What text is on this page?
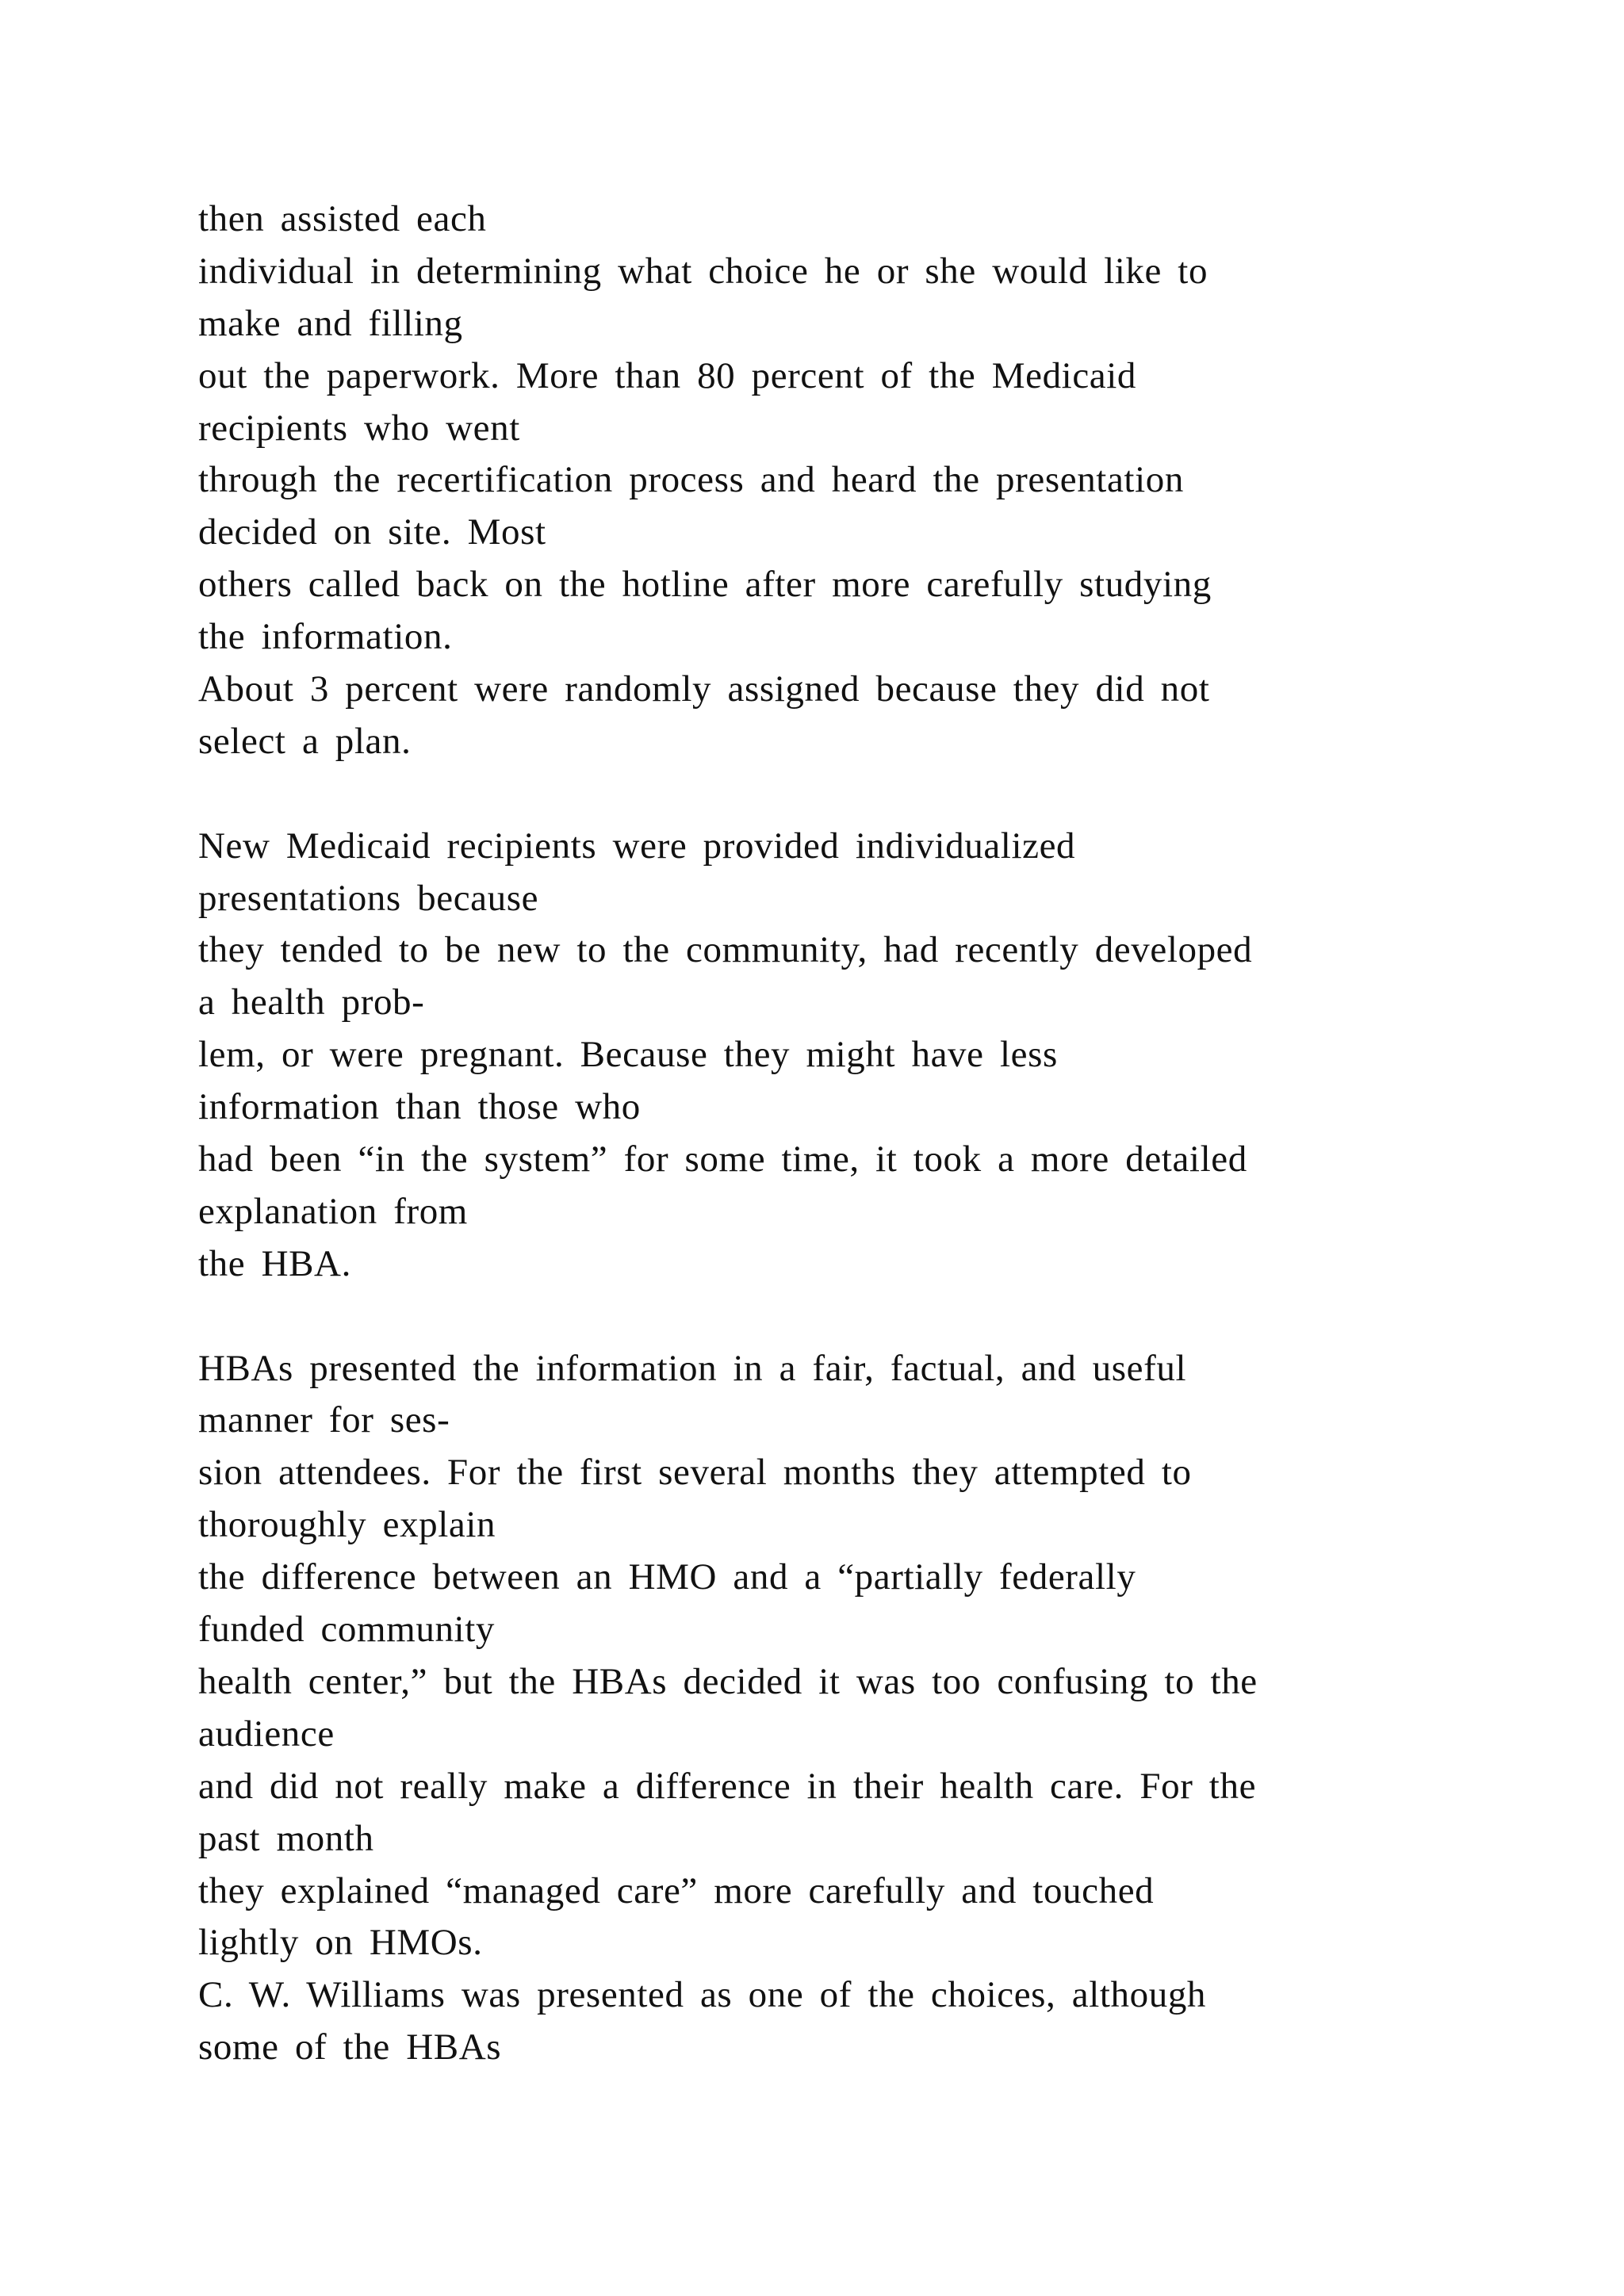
then assisted each
individual in determining what choice he or she would like to
make and filling
out the paperwork. More than 80 percent of the Medicaid
recipients who went
through the recertification process and heard the presentation
decided on site. Most
others called back on the hotline after more carefully studying
the information.
About 3 percent were randomly assigned because they did not
select a plan.
New Medicaid recipients were provided individualized
presentations because
they tended to be new to the community, had recently developed
a health prob-
lem, or were pregnant. Because they might have less
information than those who
had been “in the system” for some time, it took a more detailed
explanation from
the HBA.
HBAs presented the information in a fair, factual, and useful
manner for ses-
sion attendees. For the first several months they attempted to
thoroughly explain
the difference between an HMO and a “partially federally
funded community
health center,” but the HBAs decided it was too confusing to the
audience
and did not really make a difference in their health care. For the
past month
they explained “managed care” more carefully and touched
lightly on HMOs.
C. W. Williams was presented as one of the choices, although
some of the HBAs
